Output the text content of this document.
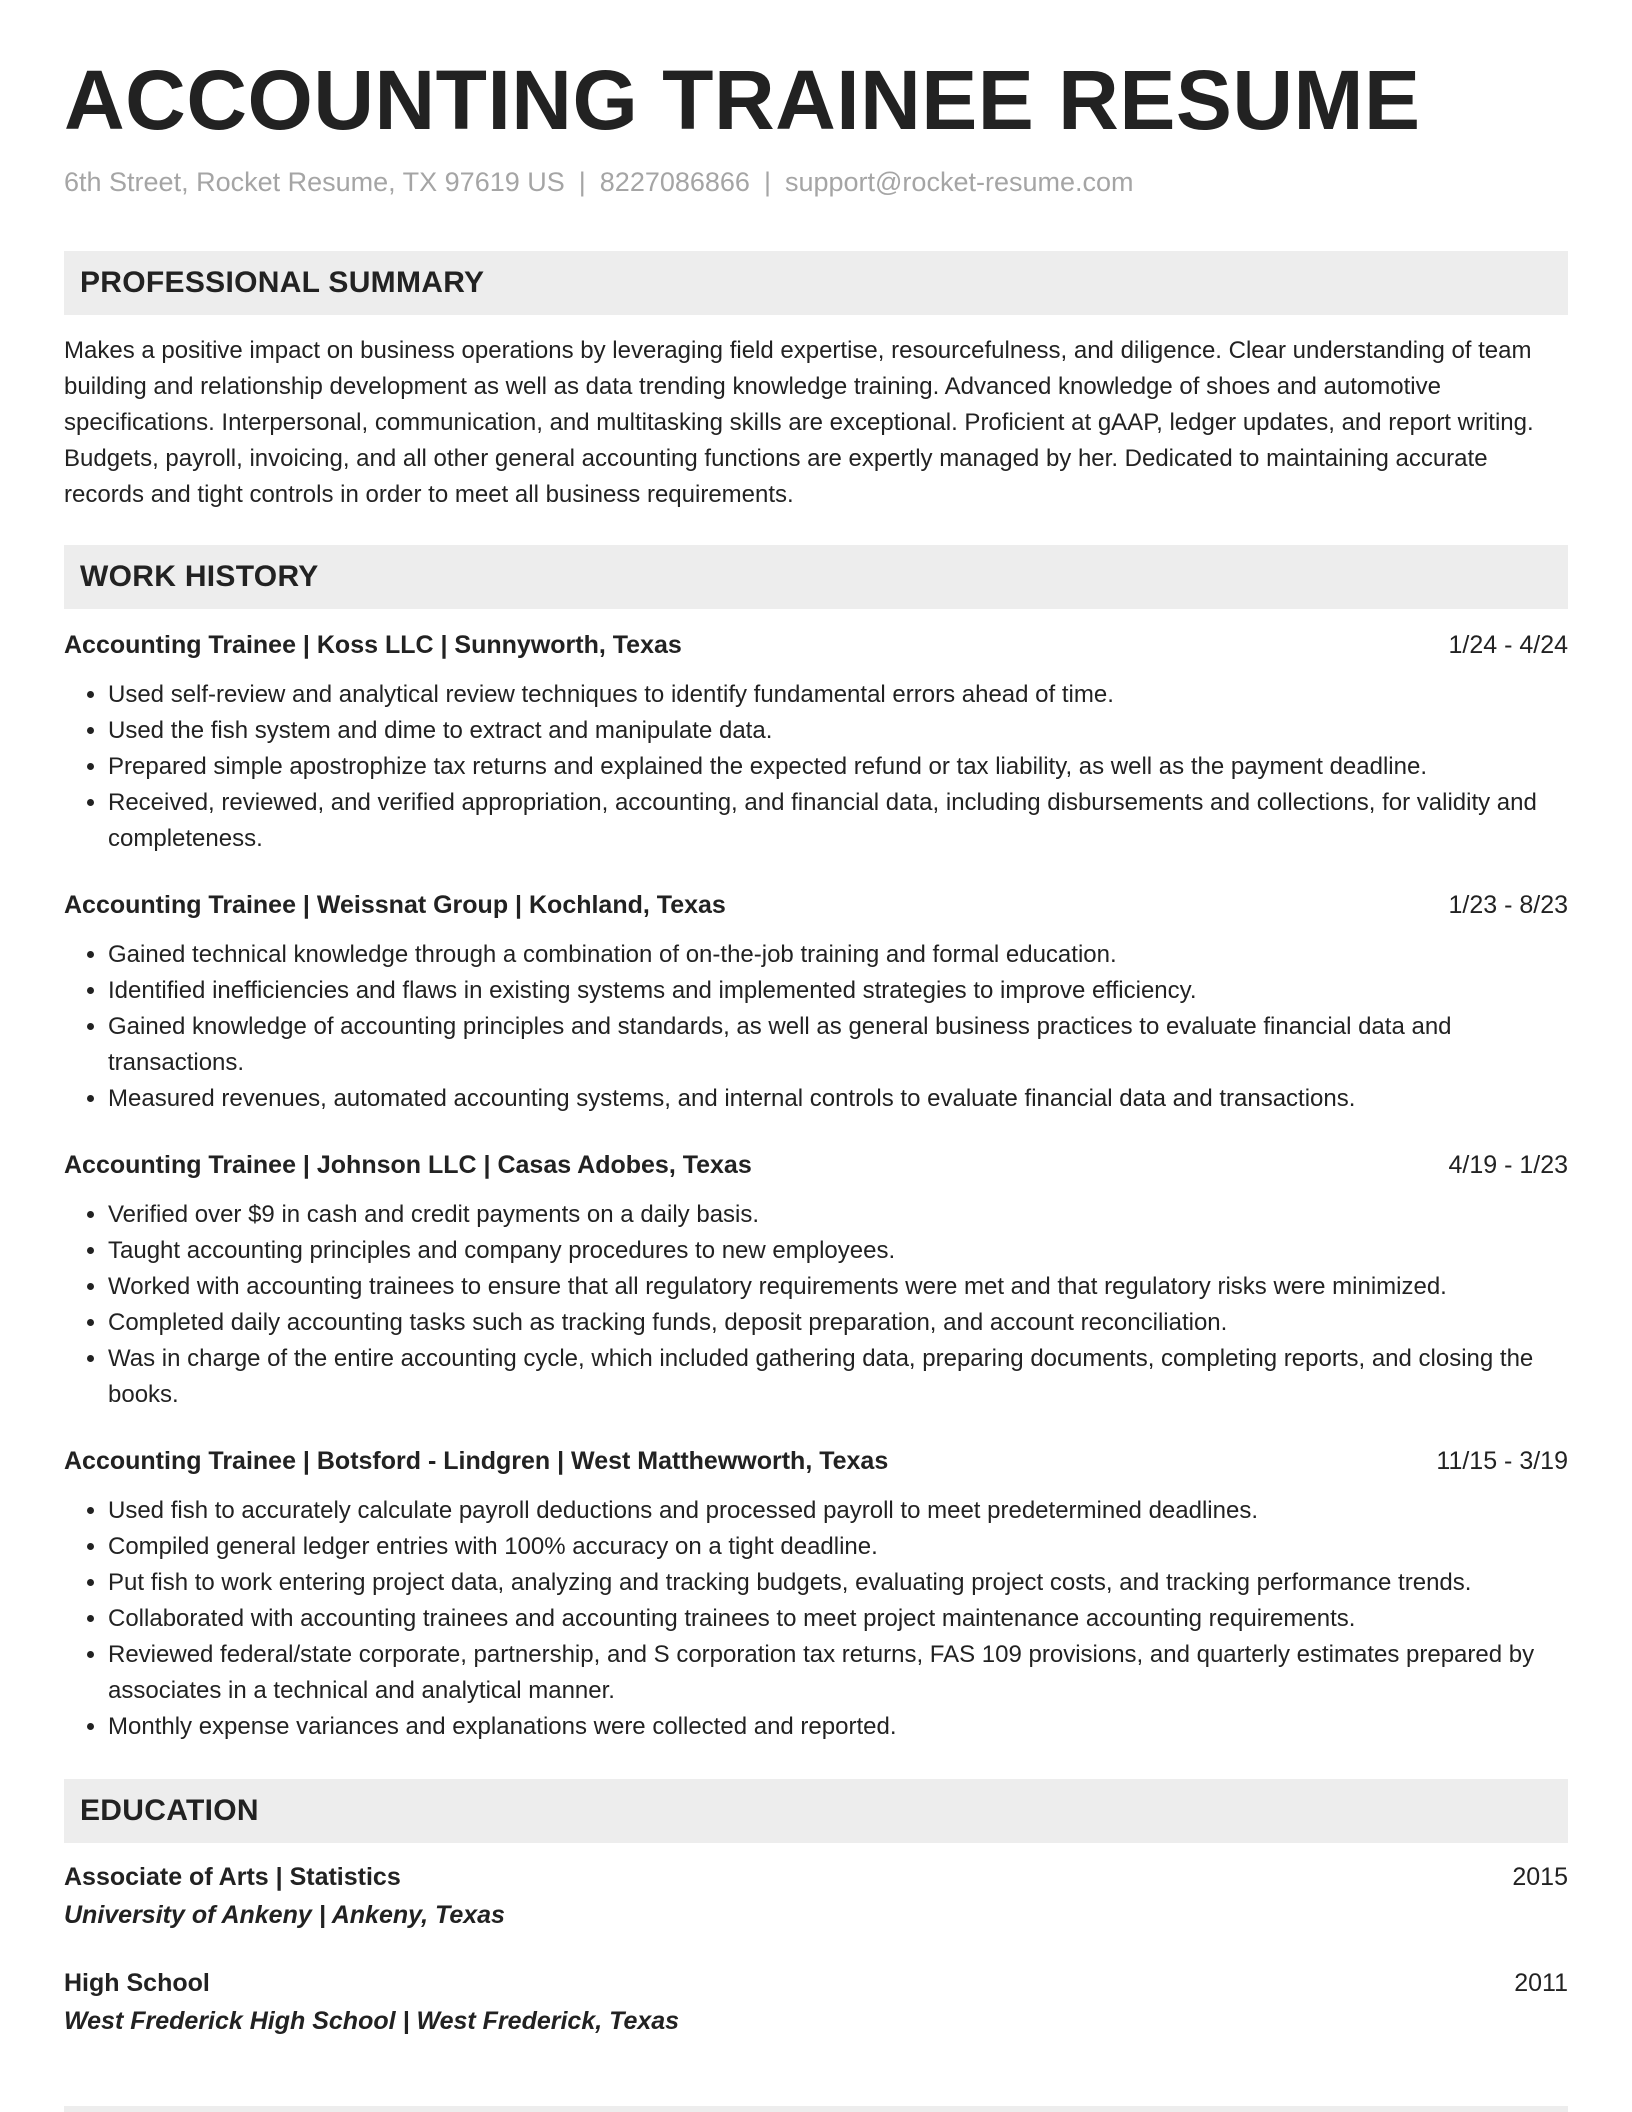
ACCOUNTING TRAINEE RESUME
6th Street, Rocket Resume, TX 97619 US | 8227086866 | support@rocket-resume.com
PROFESSIONAL SUMMARY
Makes a positive impact on business operations by leveraging field expertise, resourcefulness, and diligence. Clear understanding of team building and relationship development as well as data trending knowledge training. Advanced knowledge of shoes and automotive specifications. Interpersonal, communication, and multitasking skills are exceptional. Proficient at gAAP, ledger updates, and report writing. Budgets, payroll, invoicing, and all other general accounting functions are expertly managed by her. Dedicated to maintaining accurate records and tight controls in order to meet all business requirements.
WORK HISTORY
Accounting Trainee | Koss LLC | Sunnyworth, Texas	1/24 - 4/24
• Used self-review and analytical review techniques to identify fundamental errors ahead of time.
• Used the fish system and dime to extract and manipulate data.
• Prepared simple apostrophize tax returns and explained the expected refund or tax liability, as well as the payment deadline.
• Received, reviewed, and verified appropriation, accounting, and financial data, including disbursements and collections, for validity and completeness.
Accounting Trainee | Weissnat Group | Kochland, Texas	1/23 - 8/23
• Gained technical knowledge through a combination of on-the-job training and formal education.
• Identified inefficiencies and flaws in existing systems and implemented strategies to improve efficiency.
• Gained knowledge of accounting principles and standards, as well as general business practices to evaluate financial data and transactions.
• Measured revenues, automated accounting systems, and internal controls to evaluate financial data and transactions.
Accounting Trainee | Johnson LLC | Casas Adobes, Texas	4/19 - 1/23
• Verified over $9 in cash and credit payments on a daily basis.
• Taught accounting principles and company procedures to new employees.
• Worked with accounting trainees to ensure that all regulatory requirements were met and that regulatory risks were minimized.
• Completed daily accounting tasks such as tracking funds, deposit preparation, and account reconciliation.
• Was in charge of the entire accounting cycle, which included gathering data, preparing documents, completing reports, and closing the books.
Accounting Trainee | Botsford - Lindgren | West Matthewworth, Texas	11/15 - 3/19
• Used fish to accurately calculate payroll deductions and processed payroll to meet predetermined deadlines.
• Compiled general ledger entries with 100% accuracy on a tight deadline.
• Put fish to work entering project data, analyzing and tracking budgets, evaluating project costs, and tracking performance trends.
• Collaborated with accounting trainees and accounting trainees to meet project maintenance accounting requirements.
• Reviewed federal/state corporate, partnership, and S corporation tax returns, FAS 109 provisions, and quarterly estimates prepared by associates in a technical and analytical manner.
• Monthly expense variances and explanations were collected and reported.
EDUCATION
Associate of Arts | Statistics	2015
University of Ankeny | Ankeny, Texas
High School	2011
West Frederick High School | West Frederick, Texas
